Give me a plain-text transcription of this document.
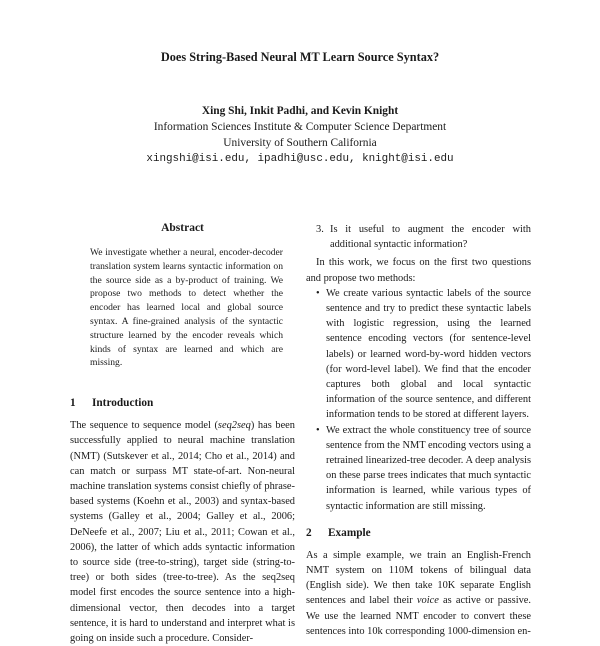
Does String-Based Neural MT Learn Source Syntax?
Xing Shi, Inkit Padhi, and Kevin Knight
Information Sciences Institute & Computer Science Department
University of Southern California
xingshi@isi.edu, ipadhi@usc.edu, knight@isi.edu
Abstract

We investigate whether a neural, encoder-decoder translation system learns syntactic information on the source side as a by-product of training. We propose two methods to detect whether the encoder has learned local and global source syntax. A fine-grained analysis of the syntactic structure learned by the encoder reveals which kinds of syntax are learned and which are missing.

1 Introduction

The sequence to sequence model (seq2seq) has been successfully applied to neural machine translation (NMT) (Sutskever et al., 2014; Cho et al., 2014) and can match or surpass MT state-of-art. Non-neural machine translation systems consist chiefly of phrase-based systems (Koehn et al., 2003) and syntax-based systems (Galley et al., 2004; Galley et al., 2006; DeNeefe et al., 2007; Liu et al., 2011; Cowan et al., 2006), the latter of which adds syntactic information to source side (tree-to-string), target side (string-to-tree) or both sides (tree-to-tree). As the seq2seq model first encodes the source sentence into a high-dimensional vector, then decodes into a target sentence, it is hard to understand and interpret what is going on inside such a procedure. Consider-

3. Is it useful to augment the encoder with additional syntactic information?

In this work, we focus on the first two questions and propose two methods:

• We create various syntactic labels of the source sentence and try to predict these syntactic labels with logistic regression, using the learned sentence encoding vectors (for sentence-level labels) or learned word-by-word hidden vectors (for word-level label). We find that the encoder captures both global and local syntactic information of the source sentence, and different information tends to be stored at different layers.

• We extract the whole constituency tree of source sentence from the NMT encoding vectors using a retrained linearized-tree decoder. A deep analysis on these parse trees indicates that much syntactic information is learned, while various types of syntactic information are still missing.

2 Example

As a simple example, we train an English-French NMT system on 110M tokens of bilingual data (English side). We then take 10K separate English sentences and label their voice as active or passive. We use the learned NMT encoder to convert these sentences into 10k corresponding 1000-dimension en-
